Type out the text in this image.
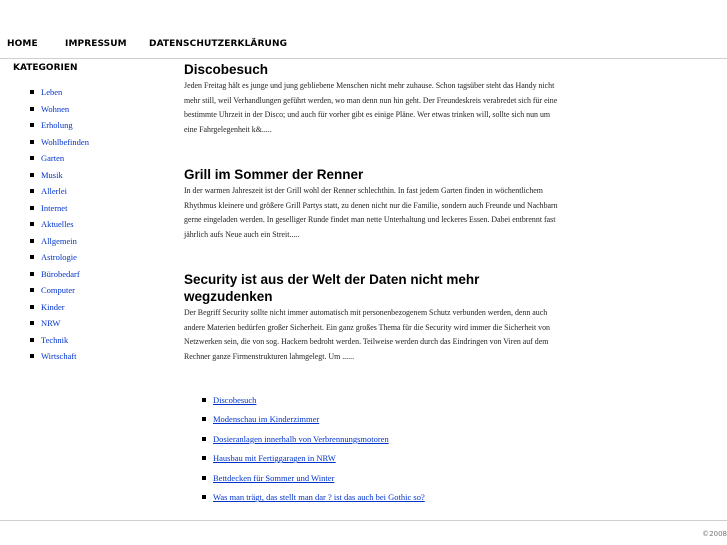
HOME	IMPRESSUM DATENSCHUTZERKLÄRUNG
KATEGORIEN
Leben
Wohnen
Erholung
Wohlbefinden
Garten
Musik
Allerlei
Internet
Aktuelles
Allgemein
Astrologie
Bürobedarf
Computer
Kinder
NRW
Technik
Wirtschaft
Discobesuch

Jeden Freitag hält es junge und jung gebliebene Menschen nicht mehr zuhause. Schon tagsüber steht das Handy nicht mehr still, weil Verhandlungen geführt werden, wo man denn nun hin geht. Der Freundeskreis verabredet sich für eine bestimmte Uhrzeit in der Disco; und auch für vorher gibt es einige Pläne. Wer etwas trinken will, sollte sich nun um eine Fahrgelegenheit k&.....

Grill im Sommer der Renner

In der warmen Jahreszeit ist der Grill wohl der Renner schlechthin. In fast jedem Garten finden in wöchentlichem Rhythmus kleinere und größere Grill Partys statt, zu denen nicht nur die Familie, sondern auch Freunde und Nachbarn gerne eingeladen werden. In geselliger Runde findet man nette Unterhaltung und leckeres Essen. Dabei entbrennt fast jährlich aufs Neue auch ein Streit.....

Security ist aus der Welt der Daten nicht mehr wegzudenken

Der Begriff Security sollte nicht immer automatisch mit personenbezogenem Schutz verbunden werden, denn auch andere Materien bedürfen großer Sicherheit. Ein ganz großes Thema für die Security wird immer die Sicherheit von Netzwerken sein, die von sog. Hackern bedroht werden. Teilweise werden durch das Eindringen von Viren auf dem Rechner ganze Firmenstrukturen lahmgelegt. Um ......

Discobesuch
Modenschau im Kinderzimmer
Dosieranlagen innerhalb von Verbrennungsmotoren
Hausbau mit Fertiggaragen in NRW
Bettdecken für Sommer und Winter
Was man trägt, das stellt man dar ? ist das auch bei Gothic so?
©2008
